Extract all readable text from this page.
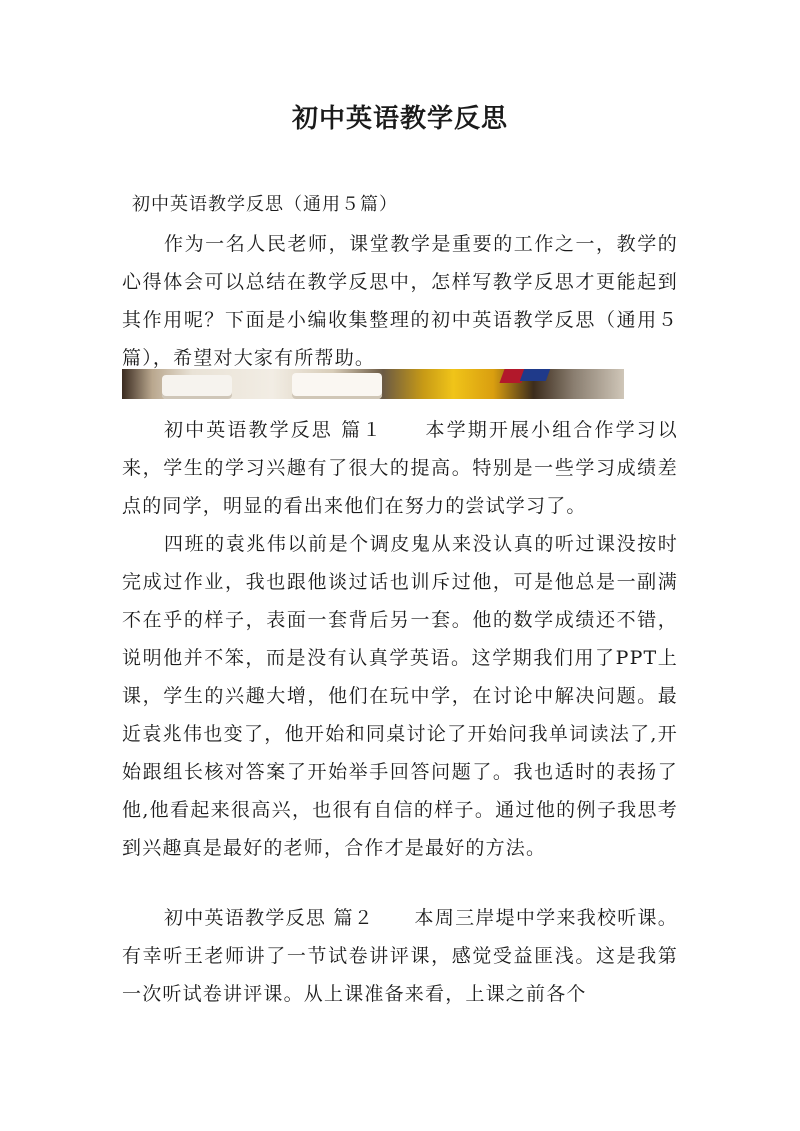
初中英语教学反思
初中英语教学反思（通用５篇）

作为一名人民老师，课堂教学是重要的工作之一，教学的心得体会可以总结在教学反思中，怎样写教学反思才更能起到其作用呢？下面是小编收集整理的初中英语教学反思（通用５篇），希望对大家有所帮助。

初中英语教学反思 篇１　　本学期开展小组合作学习以来，学生的学习兴趣有了很大的提高。特别是一些学习成绩差点的同学，明显的看出来他们在努力的尝试学习了。

四班的袁兆伟以前是个调皮鬼从来没认真的听过课没按时完成过作业，我也跟他谈过话也训斥过他，可是他总是一副满不在乎的样子，表面一套背后另一套。他的数学成绩还不错，说明他并不笨，而是没有认真学英语。这学期我们用了PPT上课，学生的兴趣大增，他们在玩中学，在讨论中解决问题。最近袁兆伟也变了，他开始和同桌讨论了开始问我单词读法了,开始跟组长核对答案了开始举手回答问题了。我也适时的表扬了他,他看起来很高兴，也很有自信的样子。通过他的例子我思考到兴趣真是最好的老师，合作才是最好的方法。

初中英语教学反思 篇２　　本周三岸堤中学来我校听课。有幸听王老师讲了一节试卷讲评课，感觉受益匪浅。这是我第一次听试卷讲评课。从上课准备来看，上课之前各个
